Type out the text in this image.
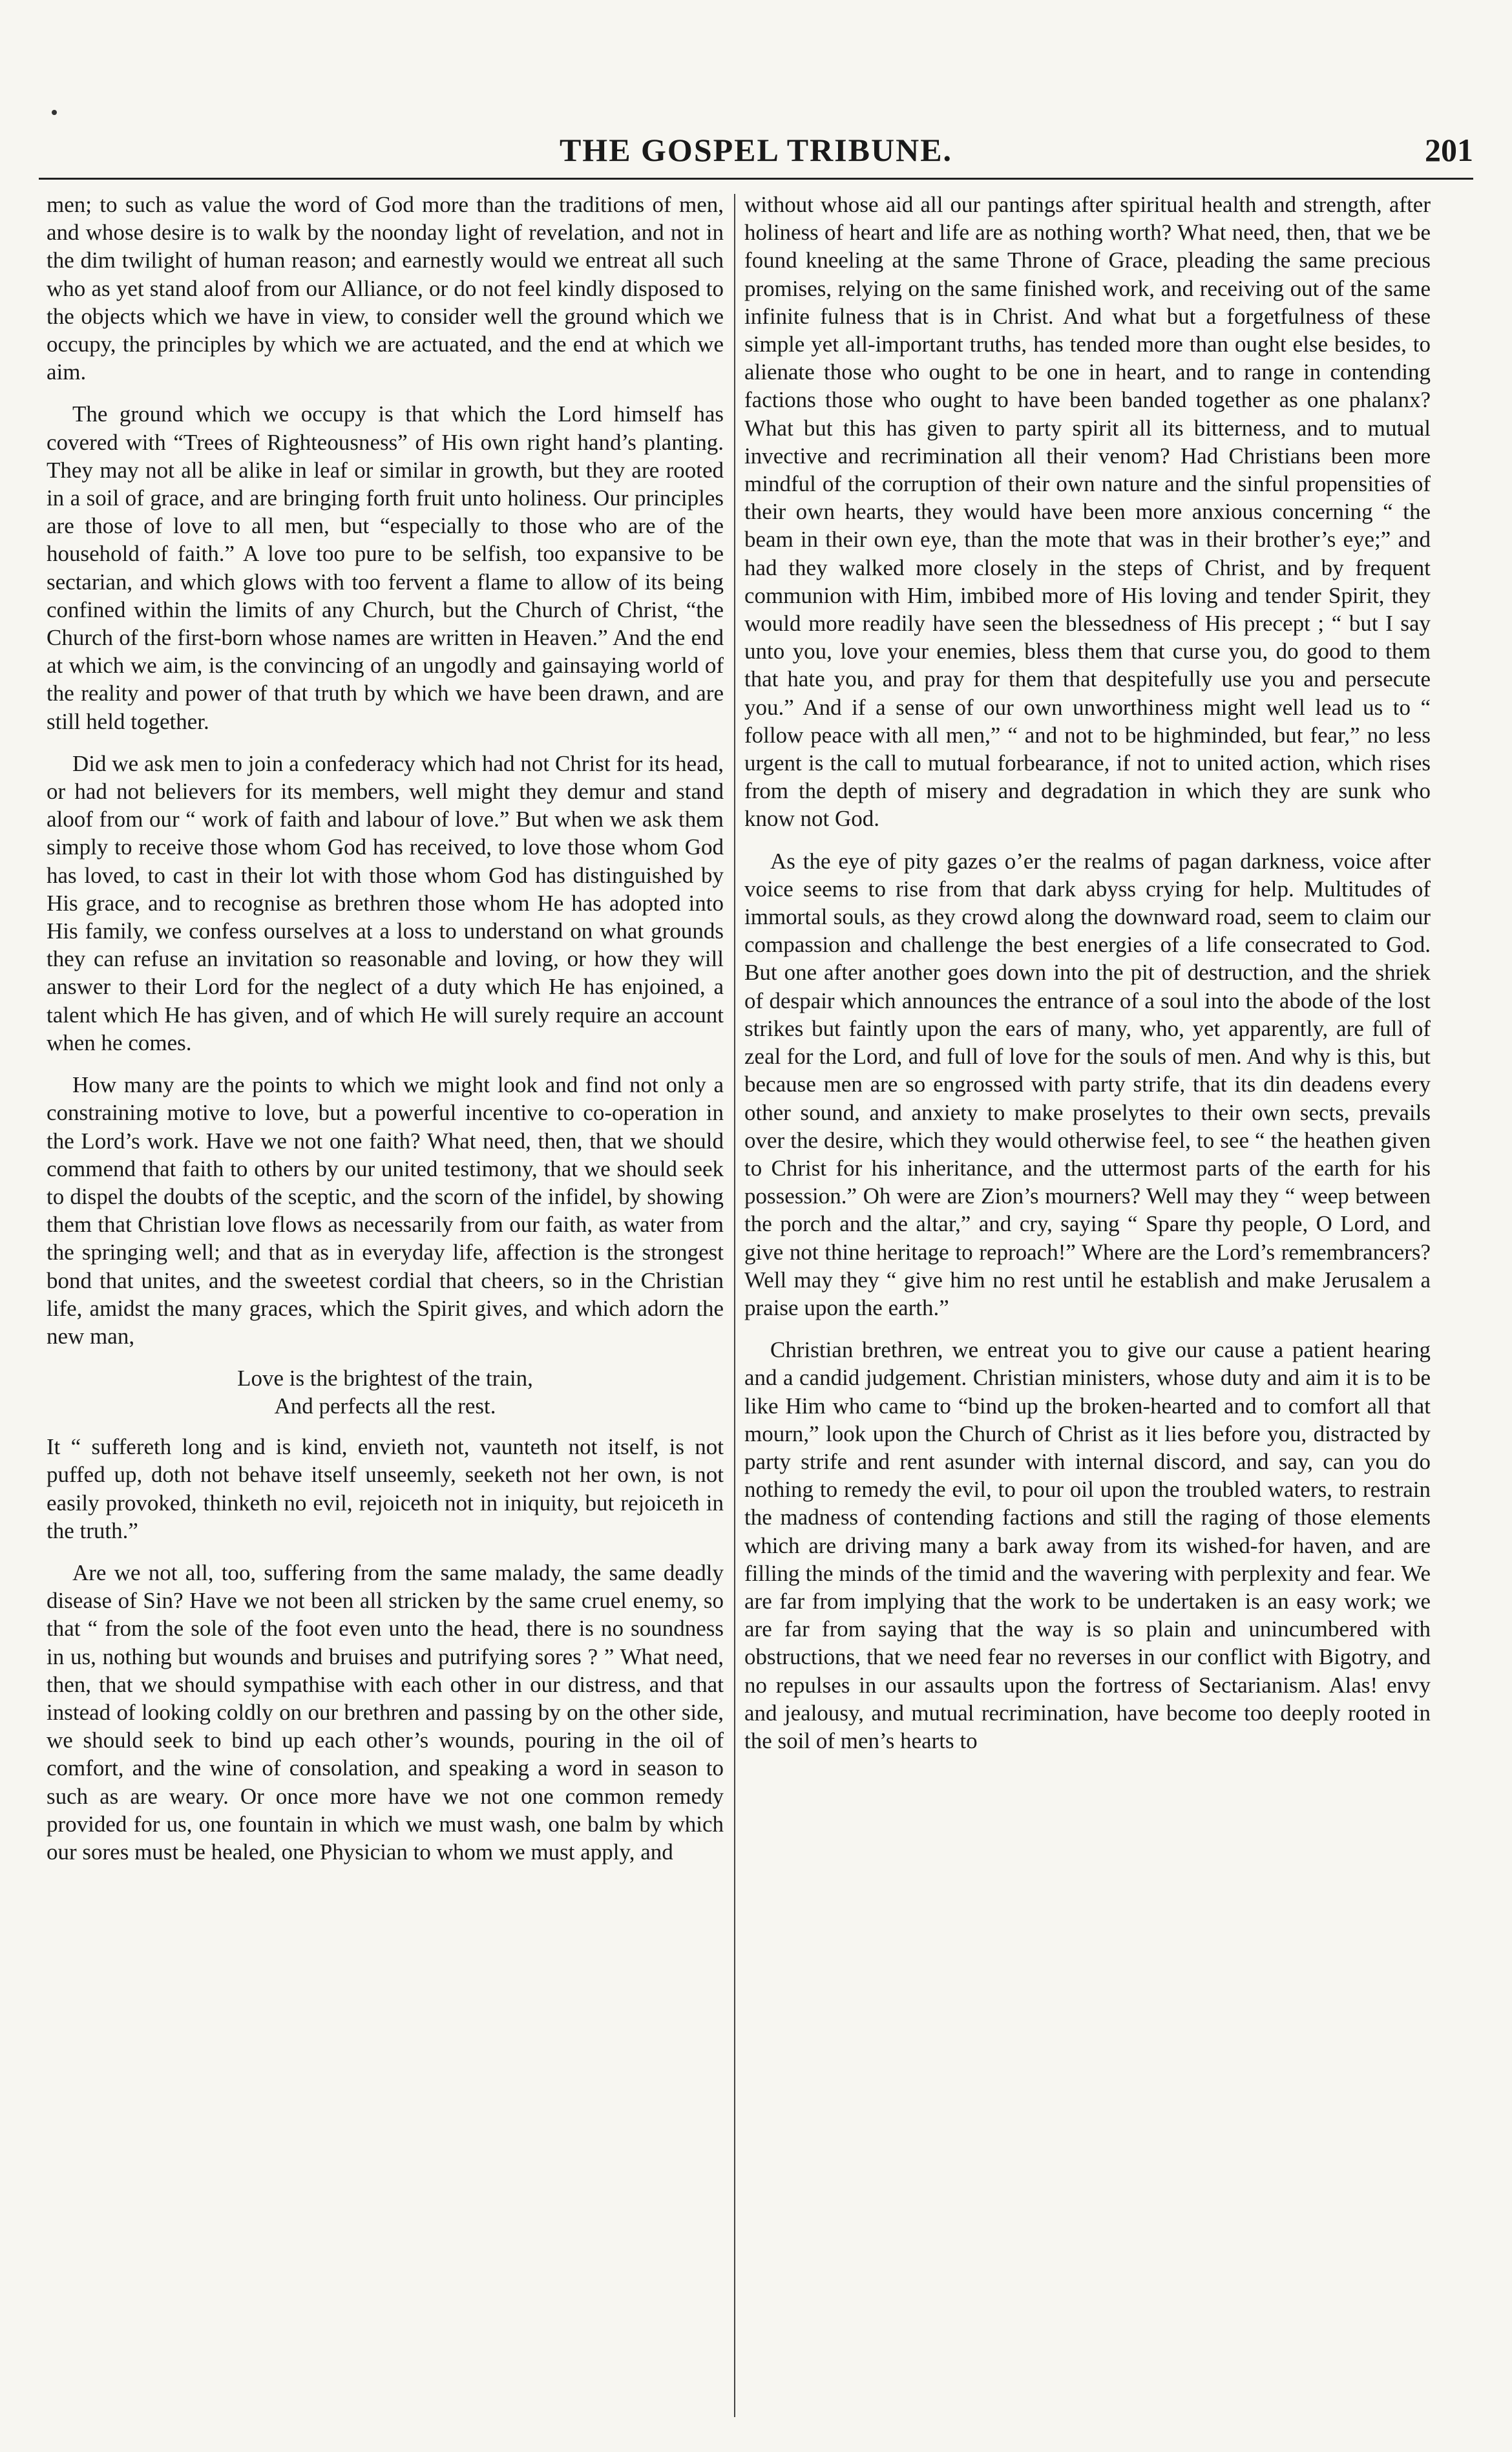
THE GOSPEL TRIBUNE.	201

men; to such as value the word of God more than the traditions of men, and whose desire is to walk by the noonday light of revelation, and not in the dim twilight of human reason; and earnestly would we entreat all such who as yet stand aloof from our Alliance, or do not feel kindly disposed to the objects which we have in view, to consider well the ground which we occupy, the principles by which we are actuated, and the end at which we aim.

The ground which we occupy is that which the Lord himself has covered with “Trees of Righteousness” of His own right hand’s planting. They may not all be alike in leaf or similar in growth, but they are rooted in a soil of grace, and are bringing forth fruit unto holiness. Our principles are those of love to all men, but “especially to those who are of the household of faith.” A love too pure to be selfish, too expansive to be sectarian, and which glows with too fervent a flame to allow of its being confined within the limits of any Church, but the Church of Christ, “the Church of the first-born whose names are written in Heaven.” And the end at which we aim, is the convincing of an ungodly and gainsaying world of the reality and power of that truth by which we have been drawn, and are still held together.

Did we ask men to join a confederacy which had not Christ for its head, or had not believers for its members, well might they demur and stand aloof from our “ work of faith and labour of love.” But when we ask them simply to receive those whom God has received, to love those whom God has loved, to cast in their lot with those whom God has distinguished by His grace, and to recognise as brethren those whom He has adopted into His family, we confess ourselves at a loss to understand on what grounds they can refuse an invitation so reasonable and loving, or how they will answer to their Lord for the neglect of a duty which He has enjoined, a talent which He has given, and of which He will surely require an account when he comes.

How many are the points to which we might look and find not only a constraining motive to love, but a powerful incentive to co-operation in the Lord’s work. Have we not one faith? What need, then, that we should commend that faith to others by our united testimony, that we should seek to dispel the doubts of the sceptic, and the scorn of the infidel, by showing them that Christian love flows as necessarily from our faith, as water from the springing well; and that as in everyday life, affection is the strongest bond that unites, and the sweetest cordial that cheers, so in the Christian life, amidst the many graces, which the Spirit gives, and which adorn the new man,

Love is the brightest of the train,
And perfects all the rest.

It “ suffereth long and is kind, envieth not, vaunteth not itself, is not puffed up, doth not behave itself unseemly, seeketh not her own, is not easily provoked, thinketh no evil, rejoiceth not in iniquity, but rejoiceth in the truth.”

Are we not all, too, suffering from the same malady, the same deadly disease of Sin? Have we not been all stricken by the same cruel enemy, so that “ from the sole of the foot even unto the head, there is no soundness in us, nothing but wounds and bruises and putrifying sores ? ” What need, then, that we should sympathise with each other in our distress, and that instead of looking coldly on our brethren and passing by on the other side, we should seek to bind up each other’s wounds, pouring in the oil of comfort, and the wine of consolation, and speaking a word in season to such as are weary. Or once more have we not one common remedy provided for us, one fountain in which we must wash, one balm by which our sores must be healed, one Physician to whom we must apply, and

without whose aid all our pantings after spiritual health and strength, after holiness of heart and life are as nothing worth? What need, then, that we be found kneeling at the same Throne of Grace, pleading the same precious promises, relying on the same finished work, and receiving out of the same infinite fulness that is in Christ. And what but a forgetfulness of these simple yet all-important truths, has tended more than ought else besides, to alienate those who ought to be one in heart, and to range in contending factions those who ought to have been banded together as one phalanx? What but this has given to party spirit all its bitterness, and to mutual invective and recrimination all their venom? Had Christians been more mindful of the corruption of their own nature and the sinful propensities of their own hearts, they would have been more anxious concerning “ the beam in their own eye, than the mote that was in their brother’s eye;” and had they walked more closely in the steps of Christ, and by frequent communion with Him, imbibed more of His loving and tender Spirit, they would more readily have seen the blessedness of His precept ; “ but I say unto you, love your enemies, bless them that curse you, do good to them that hate you, and pray for them that despitefully use you and persecute you.” And if a sense of our own unworthiness might well lead us to “ follow peace with all men,” “ and not to be highminded, but fear,” no less urgent is the call to mutual forbearance, if not to united action, which rises from the depth of misery and degradation in which they are sunk who know not God.

As the eye of pity gazes o’er the realms of pagan darkness, voice after voice seems to rise from that dark abyss crying for help. Multitudes of immortal souls, as they crowd along the downward road, seem to claim our compassion and challenge the best energies of a life consecrated to God. But one after another goes down into the pit of destruction, and the shriek of despair which announces the entrance of a soul into the abode of the lost strikes but faintly upon the ears of many, who, yet apparently, are full of zeal for the Lord, and full of love for the souls of men. And why is this, but because men are so engrossed with party strife, that its din deadens every other sound, and anxiety to make proselytes to their own sects, prevails over the desire, which they would otherwise feel, to see “ the heathen given to Christ for his inheritance, and the uttermost parts of the earth for his possession.” Oh were are Zion’s mourners? Well may they “ weep between the porch and the altar,” and cry, saying “ Spare thy people, O Lord, and give not thine heritage to reproach!” Where are the Lord’s remembrancers? Well may they “ give him no rest until he establish and make Jerusalem a praise upon the earth.”

Christian brethren, we entreat you to give our cause a patient hearing and a candid judgement. Christian ministers, whose duty and aim it is to be like Him who came to “bind up the broken-hearted and to comfort all that mourn,” look upon the Church of Christ as it lies before you, distracted by party strife and rent asunder with internal discord, and say, can you do nothing to remedy the evil, to pour oil upon the troubled waters, to restrain the madness of contending factions and still the raging of those elements which are driving many a bark away from its wished-for haven, and are filling the minds of the timid and the wavering with perplexity and fear. We are far from implying that the work to be undertaken is an easy work; we are far from saying that the way is so plain and unincumbered with obstructions, that we need fear no reverses in our conflict with Bigotry, and no repulses in our assaults upon the fortress of Sectarianism. Alas! envy and jealousy, and mutual recrimination, have become too deeply rooted in the soil of men’s hearts to
